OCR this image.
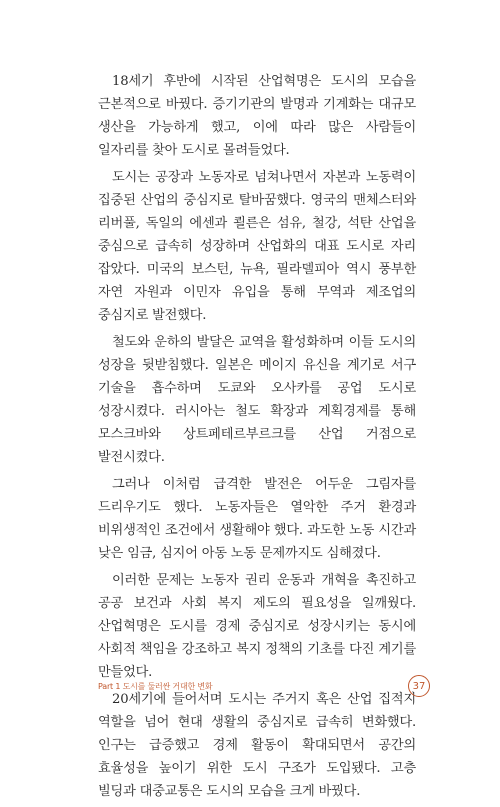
18세기 후반에 시작된 산업혁명은 도시의 모습을 근본적으로 바꿨다. 증기기관의 발명과 기계화는 대규모 생산을 가능하게 했고, 이에 따라 많은 사람들이 일자리를 찾아 도시로 몰려들었다.

도시는 공장과 노동자로 넘쳐나면서 자본과 노동력이 집중된 산업의 중심지로 탈바꿈했다. 영국의 맨체스터와 리버풀, 독일의 에센과 쾰른은 섬유, 철강, 석탄 산업을 중심으로 급속히 성장하며 산업화의 대표 도시로 자리 잡았다. 미국의 보스턴, 뉴욕, 필라델피아 역시 풍부한 자연 자원과 이민자 유입을 통해 무역과 제조업의 중심지로 발전했다.

철도와 운하의 발달은 교역을 활성화하며 이들 도시의 성장을 뒷받침했다. 일본은 메이지 유신을 계기로 서구 기술을 흡수하며 도쿄와 오사카를 공업 도시로 성장시켰다. 러시아는 철도 확장과 계획경제를 통해 모스크바와 상트페테르부르크를 산업 거점으로 발전시켰다.

그러나 이처럼 급격한 발전은 어두운 그림자를 드리우기도 했다. 노동자들은 열악한 주거 환경과 비위생적인 조건에서 생활해야 했다. 과도한 노동 시간과 낮은 임금, 심지어 아동 노동 문제까지도 심해졌다.

이러한 문제는 노동자 권리 운동과 개혁을 촉진하고 공공 보건과 사회 복지 제도의 필요성을 일깨웠다. 산업혁명은 도시를 경제 중심지로 성장시키는 동시에 사회적 책임을 강조하고 복지 정책의 기초를 다진 계기를 만들었다.

20세기에 들어서며 도시는 주거지 혹은 산업 집적지 역할을 넘어 현대 생활의 중심지로 급속히 변화했다. 인구는 급증했고 경제 활동이 확대되면서 공간의 효율성을 높이기 위한 도시 구조가 도입됐다. 고층 빌딩과 대중교통은 도시의 모습을 크게 바꿨다.

Part 1 도시를 둘러싼 거대한 변화	37
